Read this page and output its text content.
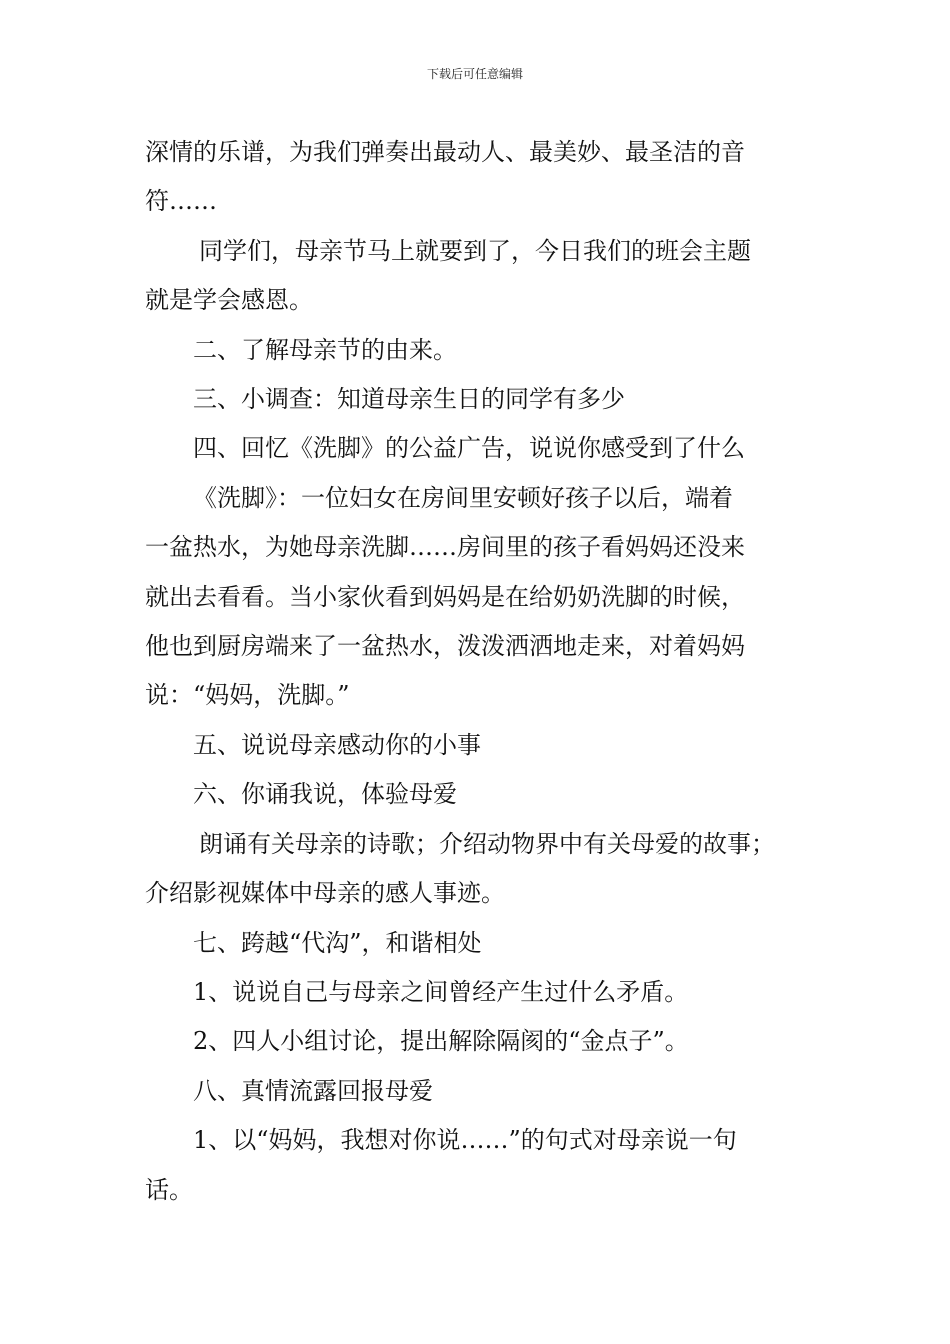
下载后可任意编辑

深情的乐谱，为我们弹奏出最动人、最美妙、最圣洁的音

符……

同学们，母亲节马上就要到了，今日我们的班会主题

就是学会感恩。

二、了解母亲节的由来。

三、小调查：知道母亲生日的同学有多少

四、回忆《洗脚》的公益广告，说说你感受到了什么

《洗脚》：一位妇女在房间里安顿好孩子以后，端着

一盆热水，为她母亲洗脚……房间里的孩子看妈妈还没来

就出去看看。当小家伙看到妈妈是在给奶奶洗脚的时候，

他也到厨房端来了一盆热水，泼泼洒洒地走来，对着妈妈

说：“妈妈，洗脚。”

五、说说母亲感动你的小事

六、你诵我说，体验母爱

朗诵有关母亲的诗歌；介绍动物界中有关母爱的故事；

介绍影视媒体中母亲的感人事迹。

七、跨越“代沟”，和谐相处

1、说说自己与母亲之间曾经产生过什么矛盾。

2、四人小组讨论，提出解除隔阂的“金点子”。

八、真情流露回报母爱

1、以“妈妈，我想对你说……”的句式对母亲说一句

话。
